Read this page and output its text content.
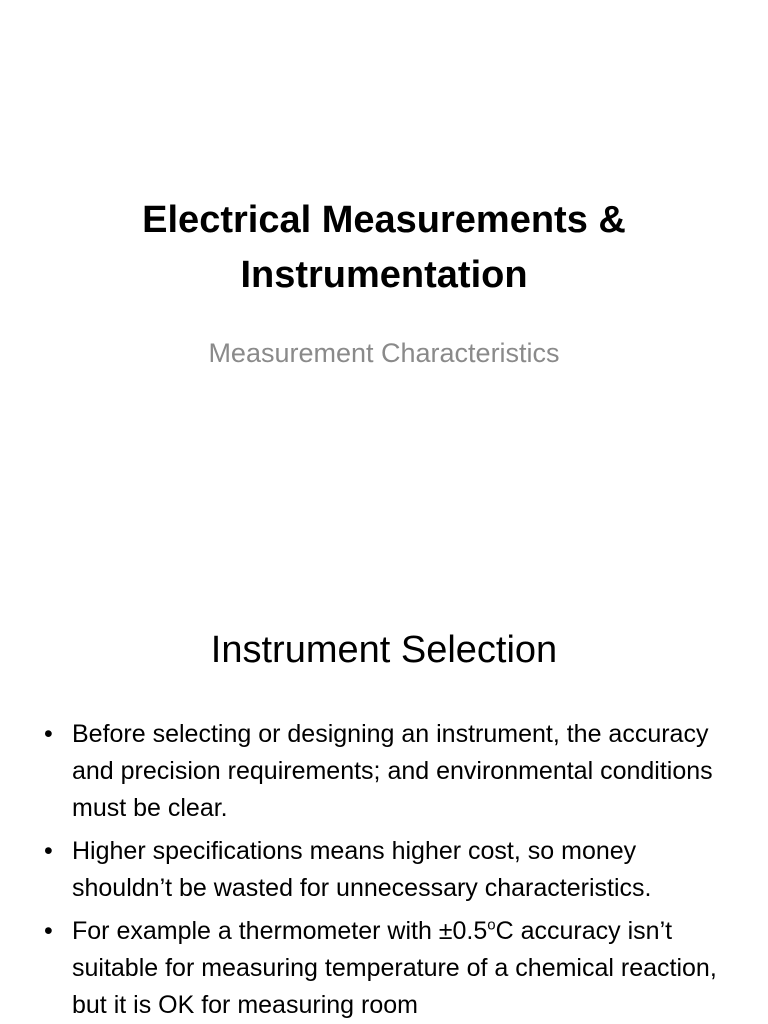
Electrical Measurements & Instrumentation

Measurement Characteristics

Instrument Selection
• Before selecting or designing an instrument, the accuracy and precision requirements; and environmental conditions must be clear.
• Higher specifications means higher cost, so money shouldn’t be wasted for unnecessary characteristics.
• For example a thermometer with $\pm 0.5^oC$ accuracy isn’t suitable for measuring temperature of a chemical reaction, but it is OK for measuring room
